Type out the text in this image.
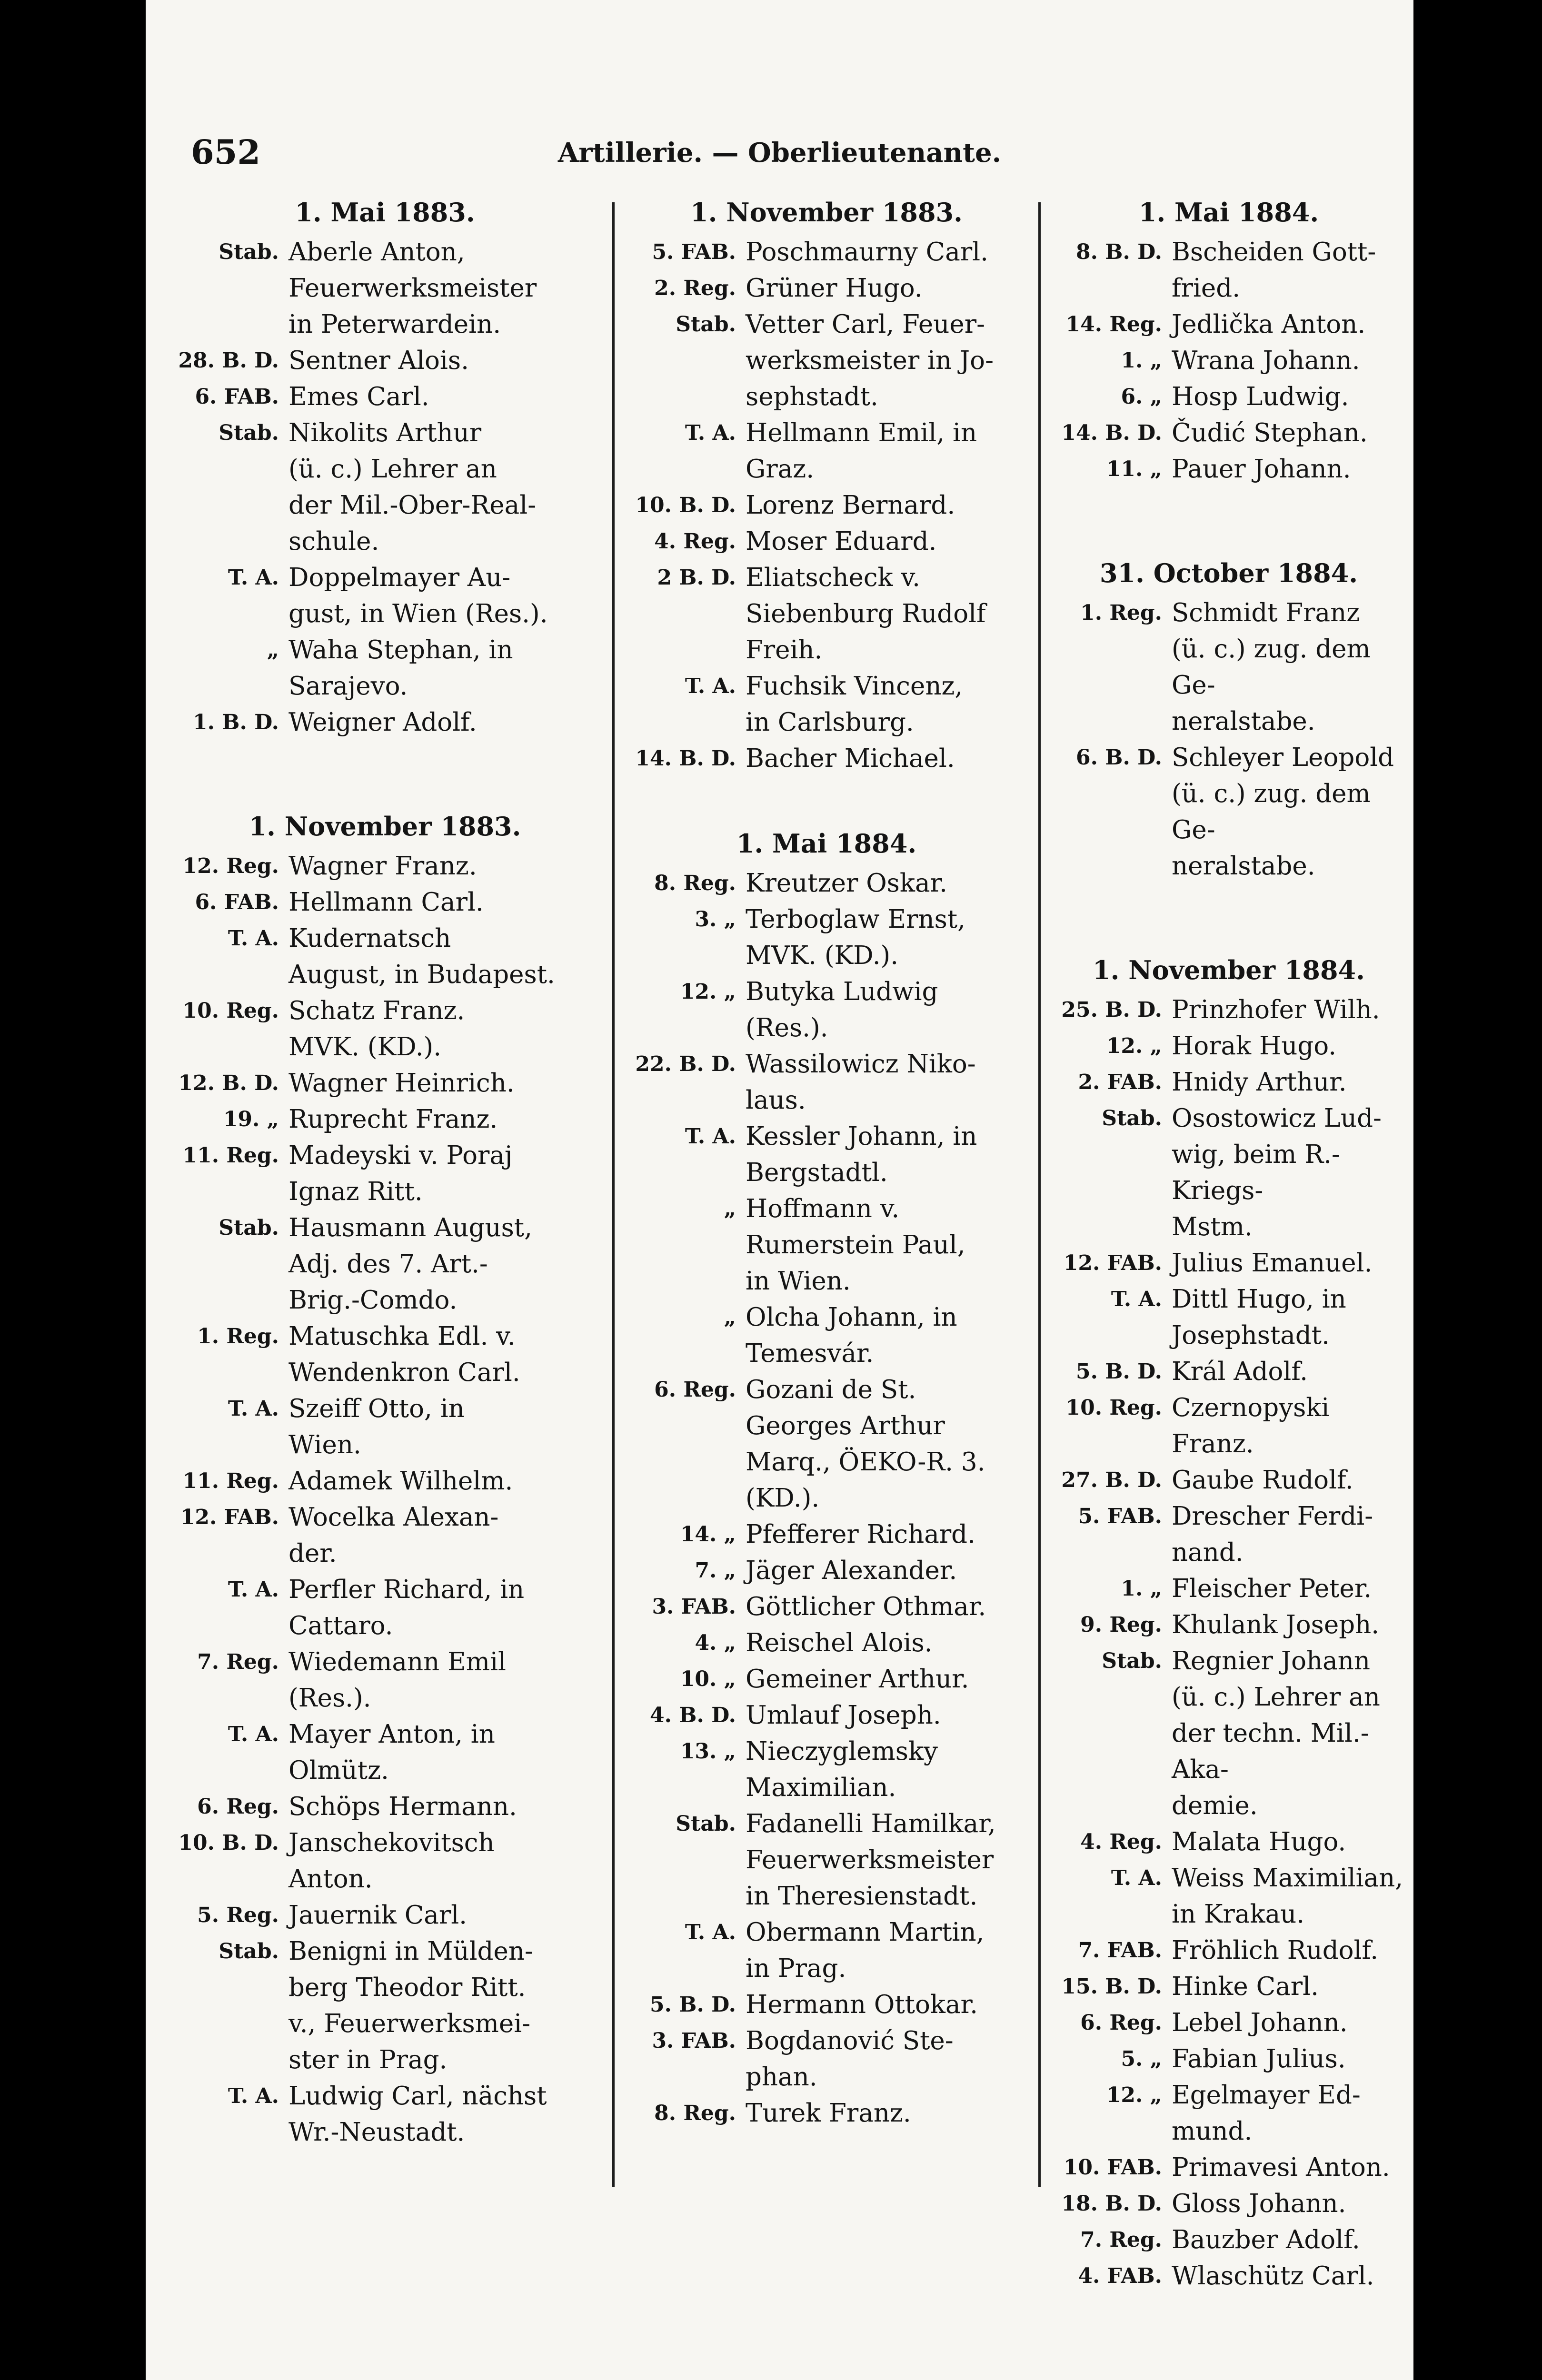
652	Artillerie. — Oberlieutenante.
1. Mai 1883.
Stab. Aberle Anton,
Feuerwerksmeister
in Peterwardein.
28. B. D. Sentner Alois.
6. FAB. Emes Carl.
Stab. Nikolits Arthur
(ü. c.) Lehrer an
der Mil.-Ober-Real-
schule.
T. A. Doppelmayer Au-
gust, in Wien (Res.).
„ Waha Stephan, in
Sarajevo.
1. B. D. Weigner Adolf.
1. November 1883.
12. Reg. Wagner Franz.
6. FAB. Hellmann Carl.
T. A. Kudernatsch
August, in Budapest.
10. Reg. Schatz Franz.
MVK. (KD.).
12. B. D. Wagner Heinrich.
19. „ Ruprecht Franz.
11. Reg. Madeyski v. Poraj
Ignaz Ritt.
Stab. Hausmann August,
Adj. des 7. Art.-
Brig.-Comdo.
1. Reg. Matuschka Edl. v.
Wendenkron Carl.
T. A. Szeiff Otto, in
Wien.
11. Reg. Adamek Wilhelm.
12. FAB. Wocelka Alexan-
der.
T. A. Perfler Richard, in
Cattaro.
7. Reg. Wiedemann Emil
(Res.).
T. A. Mayer Anton, in
Olmütz.
6. Reg. Schöps Hermann.
10. B. D. Janschekovitsch
Anton.
5. Reg. Jauernik Carl.
Stab. Benigni in Mülden-
berg Theodor Ritt.
v., Feuerwerksmei-
ster in Prag.
T. A. Ludwig Carl, nächst
Wr.-Neustadt.
1. November 1883.
5. FAB. Poschmaurny Carl.
2. Reg. Grüner Hugo.
Stab. Vetter Carl, Feuer-
werksmeister in Jo-
sephstadt.
T. A. Hellmann Emil, in
Graz.
10. B. D. Lorenz Bernard.
4. Reg. Moser Eduard.
2 B. D. Eliatscheck v.
Siebenburg Rudolf
Freih.
T. A. Fuchsik Vincenz,
in Carlsburg.
14. B. D. Bacher Michael.
1. Mai 1884.
8. Reg. Kreutzer Oskar.
3. „ Terboglaw Ernst,
MVK. (KD.).
12. „ Butyka Ludwig
(Res.).
22. B. D. Wassilowicz Niko-
laus.
T. A. Kessler Johann, in
Bergstadtl.
„ Hoffmann v.
Rumerstein Paul,
in Wien.
„ Olcha Johann, in
Temesvár.
6. Reg. Gozani de St.
Georges Arthur
Marq., ÖEKO-R. 3.
(KD.).
14. „ Pfefferer Richard.
7. „ Jäger Alexander.
3. FAB. Göttlicher Othmar.
4. „ Reischel Alois.
10. „ Gemeiner Arthur.
4. B. D. Umlauf Joseph.
13. „ Nieczyglemsky
Maximilian.
Stab. Fadanelli Hamilkar,
Feuerwerksmeister
in Theresienstadt.
T. A. Obermann Martin,
in Prag.
5. B. D. Hermann Ottokar.
3. FAB. Bogdanović Ste-
phan.
8. Reg. Turek Franz.
1. Mai 1884.
8. B. D. Bscheiden Gott-
fried.
14. Reg. Jedlička Anton.
1. „ Wrana Johann.
6. „ Hosp Ludwig.
14. B. D. Čudić Stephan.
11. „ Pauer Johann.
31. October 1884.
1. Reg. Schmidt Franz
(ü. c.) zug. dem Ge-
neralstabe.
6. B. D. Schleyer Leopold
(ü. c.) zug. dem Ge-
neralstabe.
1. November 1884.
25. B. D. Prinzhofer Wilh.
12. „ Horak Hugo.
2. FAB. Hnidy Arthur.
Stab. Osostowicz Lud-
wig, beim R.-Kriegs-
Mstm.
12. FAB. Julius Emanuel.
T. A. Dittl Hugo, in
Josephstadt.
5. B. D. Král Adolf.
10. Reg. Czernopyski Franz.
27. B. D. Gaube Rudolf.
5. FAB. Drescher Ferdi-
nand.
1. „ Fleischer Peter.
9. Reg. Khulank Joseph.
Stab. Regnier Johann
(ü. c.) Lehrer an
der techn. Mil.-Aka-
demie.
4. Reg. Malata Hugo.
T. A. Weiss Maximilian,
in Krakau.
7. FAB. Fröhlich Rudolf.
15. B. D. Hinke Carl.
6. Reg. Lebel Johann.
5. „ Fabian Julius.
12. „ Egelmayer Ed-
mund.
10. FAB. Primavesi Anton.
18. B. D. Gloss Johann.
7. Reg. Bauzber Adolf.
4. FAB. Wlaschütz Carl.
